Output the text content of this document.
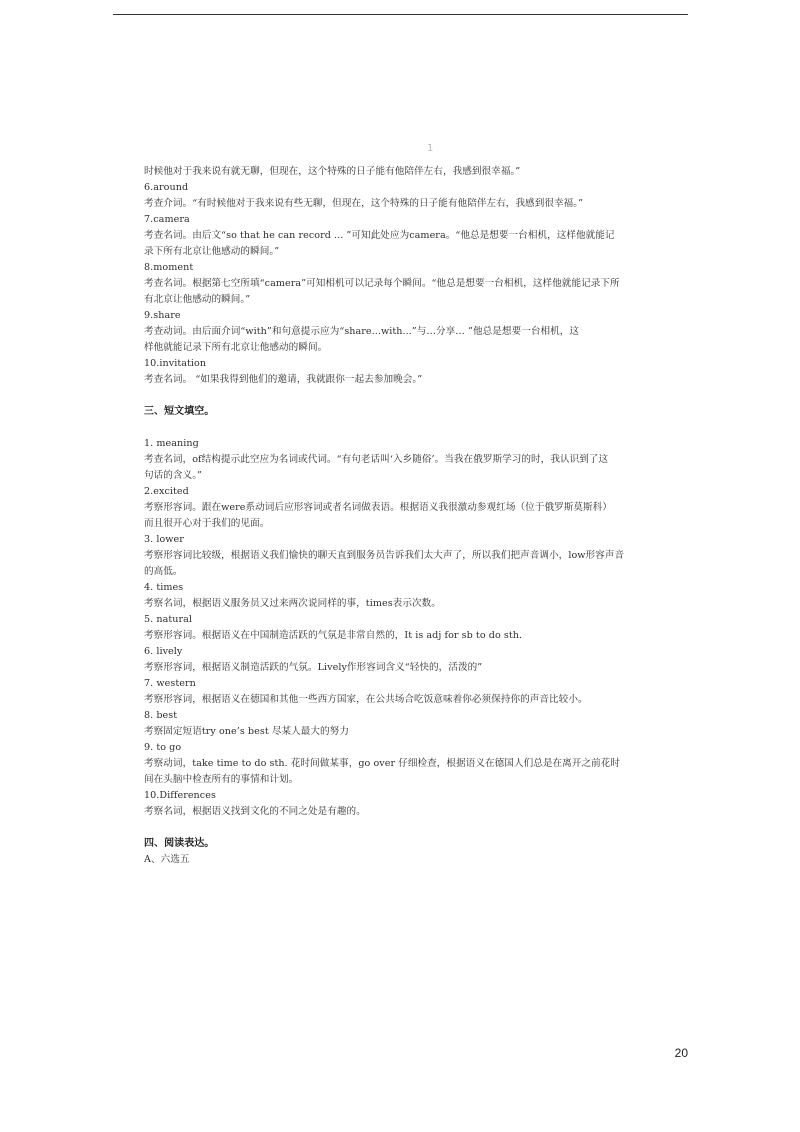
1
时候他对于我来说有就无聊，但现在，这个特殊的日子能有他陪伴左右，我感到很幸福。”
6.around
考查介词。“有时候他对于我来说有些无聊，但现在，这个特殊的日子能有他陪伴左右，我感到很幸福。”
7.camera
考查名词。由后文“so that he can record ... ”可知此处应为camera。“他总是想要一台相机，这样他就能记
录下所有北京让他感动的瞬间。”
8.moment
考查名词。根据第七空所填“camera”可知相机可以记录每个瞬间。“他总是想要一台相机，这样他就能记录下所
有北京让他感动的瞬间。”
9.share
考查动词。由后面介词“with”和句意提示应为“share...with...”与…分享… ”他总是想要一台相机，这
样他就能记录下所有北京让他感动的瞬间。
10.invitation
考查名词。 “如果我得到他们的邀请，我就跟你一起去参加晚会。”
三、短文填空。
1. meaning
考查名词，of结构提示此空应为名词或代词。“有句老话叫‘入乡随俗’。当我在俄罗斯学习的时，我认识到了这
句话的含义。”
2.excited
考察形容词。跟在were系动词后应形容词或者名词做表语。根据语义我很激动参观红场（位于俄罗斯莫斯科）
而且很开心对于我们的见面。
3. lower
考察形容词比较级，根据语义我们愉快的聊天直到服务员告诉我们太大声了，所以我们把声音调小，low形容声音
的高低。
4. times
考察名词，根据语义服务员又过来两次说同样的事，times表示次数。
5. natural
考察形容词。根据语义在中国制造活跃的气氛是非常自然的，It is adj for sb to do sth.
6. lively
考察形容词，根据语义制造活跃的气氛。Lively作形容词含义“轻快的，活泼的”
7. western
考察形容词，根据语义在德国和其他一些西方国家，在公共场合吃饭意味着你必须保持你的声音比较小。
8. best
考察固定短语try one’s best 尽某人最大的努力
9. to go
考察动词，take time to do sth. 花时间做某事，go over 仔细检查，根据语义在德国人们总是在离开之前花时
间在头脑中检查所有的事情和计划。
10.Differences
考察名词，根据语义找到文化的不同之处是有趣的。
四、阅读表达。
A、六选五
20
